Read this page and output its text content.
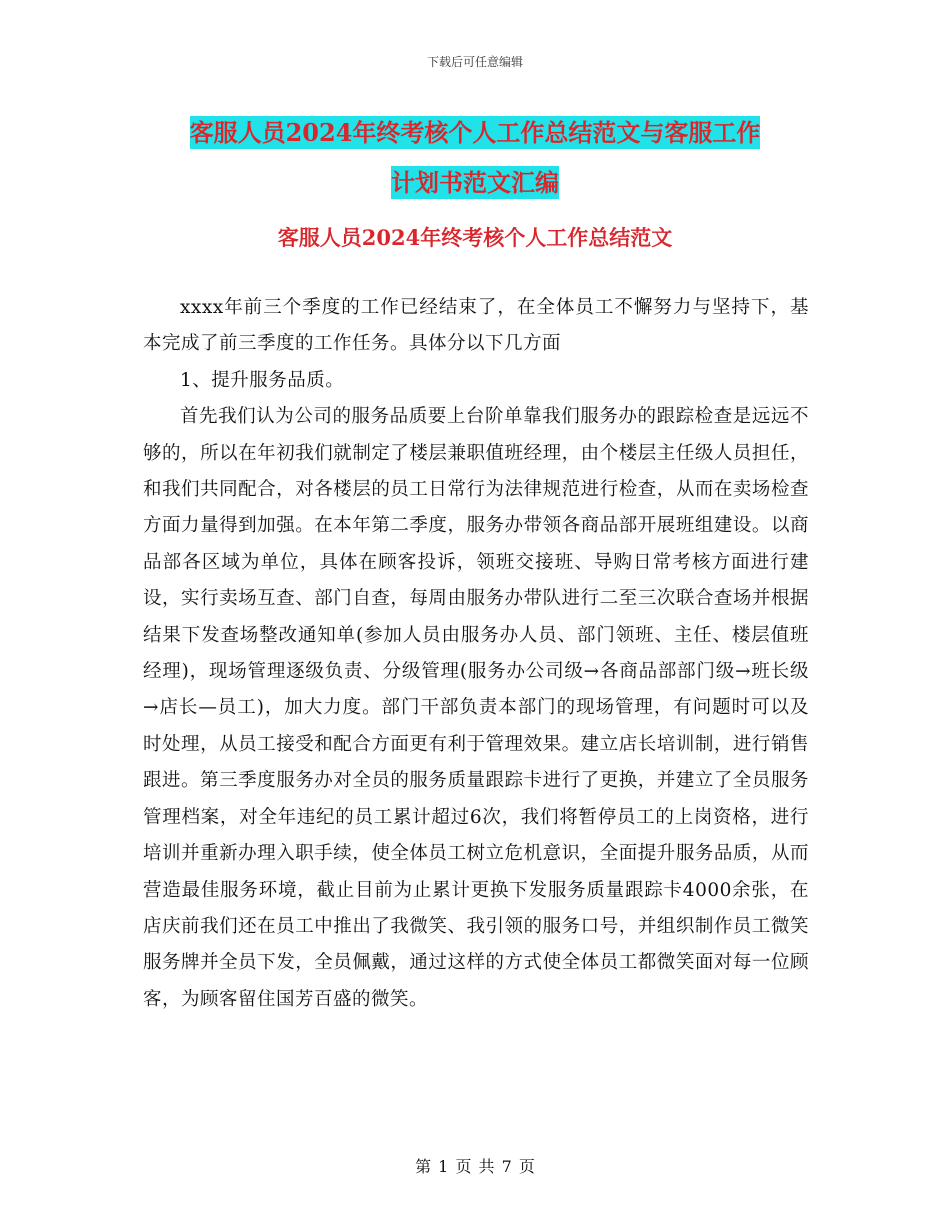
下载后可任意编辑
客服人员2024年终考核个人工作总结范文与客服工作
计划书范文汇编
客服人员2024年终考核个人工作总结范文

xxxx年前三个季度的工作已经结束了，在全体员工不懈努力与坚持下，基本完成了前三季度的工作任务。具体分以下几方面

1、提升服务品质。

首先我们认为公司的服务品质要上台阶单靠我们服务办的跟踪检查是远远不够的，所以在年初我们就制定了楼层兼职值班经理，由个楼层主任级人员担任，和我们共同配合，对各楼层的员工日常行为法律规范进行检查，从而在卖场检查方面力量得到加强。在本年第二季度，服务办带领各商品部开展班组建设。以商品部各区域为单位，具体在顾客投诉，领班交接班、导购日常考核方面进行建设，实行卖场互查、部门自查，每周由服务办带队进行二至三次联合查场并根据结果下发查场整改通知单(参加人员由服务办人员、部门领班、主任、楼层值班经理)，现场管理逐级负责、分级管理(服务办公司级→各商品部部门级→班长级→店长—员工)，加大力度。部门干部负责本部门的现场管理，有问题时可以及时处理，从员工接受和配合方面更有利于管理效果。建立店长培训制，进行销售跟进。第三季度服务办对全员的服务质量跟踪卡进行了更换，并建立了全员服务管理档案，对全年违纪的员工累计超过6次，我们将暂停员工的上岗资格，进行培训并重新办理入职手续，使全体员工树立危机意识，全面提升服务品质，从而营造最佳服务环境，截止目前为止累计更换下发服务质量跟踪卡4000余张，在店庆前我们还在员工中推出了我微笑、我引领的服务口号，并组织制作员工微笑服务牌并全员下发，全员佩戴，通过这样的方式使全体员工都微笑面对每一位顾客，为顾客留住国芳百盛的微笑。

第 1 页 共 7 页
